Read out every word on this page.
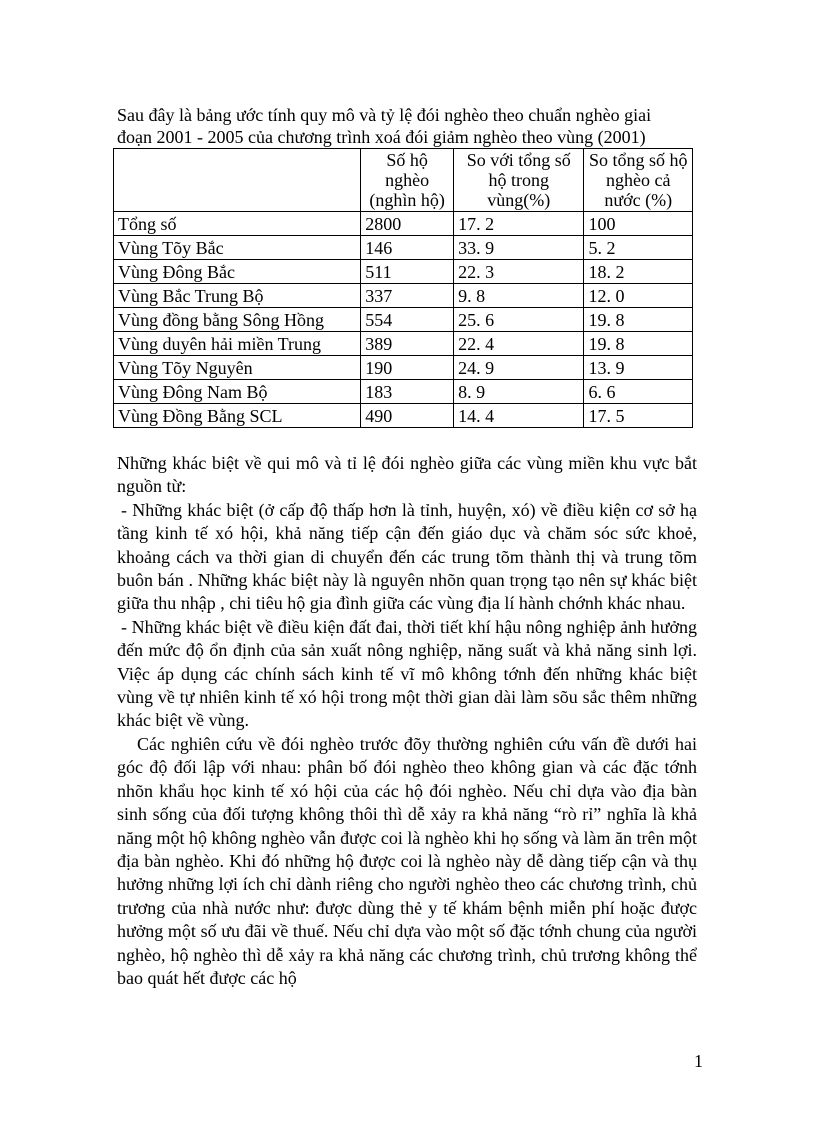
Sau đây là bảng ước tính quy mô và tỷ lệ đói nghèo theo chuẩn nghèo giai
đoạn 2001 - 2005 của chương trình xoá đói giảm nghèo theo vùng (2001)

	Số hộ nghèo (nghìn hộ)	So với tổng số hộ trong vùng(%)	So tổng số hộ nghèo cả nước (%)
Tổng số	2800	17. 2	100
Vùng Tõy Bắc	146	33. 9	5. 2
Vùng Đông Bắc	511	22. 3	18. 2
Vùng Bắc Trung Bộ	337	9. 8	12. 0
Vùng đồng bằng Sông Hồng	554	25. 6	19. 8
Vùng duyên hải miền Trung	389	22. 4	19. 8
Vùng Tõy Nguyên	190	24. 9	13. 9
Vùng Đông Nam Bộ	183	8. 9	6. 6
Vùng Đồng Bằng SCL	490	14. 4	17. 5

Những khác biệt về qui mô và tỉ lệ đói nghèo giữa các vùng miền khu vực bắt nguồn từ:

- Những khác biệt (ở cấp độ thấp hơn là tỉnh, huyện, xó) về điều kiện cơ sở hạ tầng kinh tế xó hội, khả năng tiếp cận đến giáo dục và chăm sóc sức khoẻ, khoảng cách va thời gian di chuyển đến các trung tõm thành thị và trung tõm buôn bán . Những khác biệt này là nguyên nhõn quan trọng tạo nên sự khác biệt giữa thu nhập , chi tiêu hộ gia đình giữa các vùng địa lí hành chớnh khác nhau.

- Những khác biệt về điều kiện đất đai, thời tiết khí hậu nông nghiệp ảnh hưởng đến mức độ ổn định của sản xuất nông nghiệp, năng suất và khả năng sinh lợi. Việc áp dụng các chính sách kinh tế vĩ mô không tớnh đến những khác biệt vùng về tự nhiên kinh tế xó hội trong một thời gian dài làm sõu sắc thêm những khác biệt về vùng.

Các nghiên cứu về đói nghèo trước đõy thường nghiên cứu vấn đề dưới hai góc độ đối lập với nhau: phân bố đói nghèo theo không gian và các đặc tớnh nhõn khẩu học kinh tế xó hội của các hộ đói nghèo. Nếu chỉ dựa vào địa bàn sinh sống của đối tượng không thôi thì dễ xảy ra khả năng “rò rỉ” nghĩa là khả năng một hộ không nghèo vẫn được coi là nghèo khi họ sống và làm ăn trên một địa bàn nghèo. Khi đó những hộ được coi là nghèo này dễ dàng tiếp cận và thụ hưởng những lợi ích chỉ dành riêng cho người nghèo theo các chương trình, chủ trương của nhà nước như: được dùng thẻ y tế khám bệnh miễn phí hoặc được hưởng một số ưu đãi về thuế. Nếu chỉ dựa vào một số đặc tớnh chung của người nghèo, hộ nghèo thì dễ xảy ra khả năng các chương trình, chủ trương không thể bao quát hết được các hộ

1
